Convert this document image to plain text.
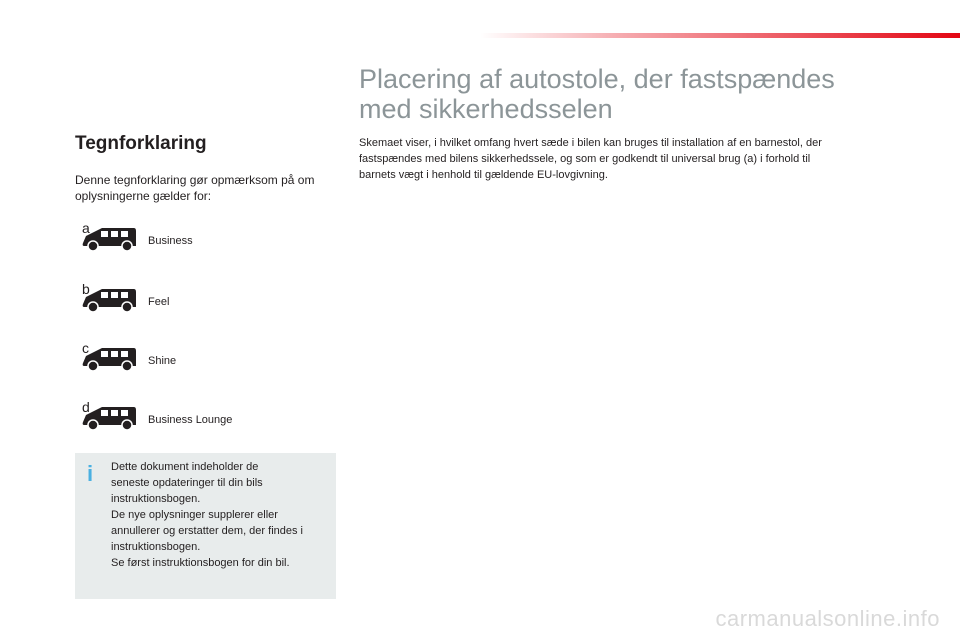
Tegnforklaring
Denne tegnforklaring gør opmærksom på om oplysningerne gælder for:
a
Business
b
Feel
c
Shine
d
Business Lounge
i Dette dokument indeholder de
seneste opdateringer til din bils
instruktionsbogen.
De nye oplysninger supplerer eller
annullerer og erstatter dem, der findes i
instruktionsbogen.
Se først instruktionsbogen for din bil.
Placering af autostole, der fastspændes
med sikkerhedsselen
Skemaet viser, i hvilket omfang hvert sæde i bilen kan bruges til installation af en barnestol, der
fastspændes med bilens sikkerhedssele, og som er godkendt til universal brug (a) i forhold til
barnets vægt i henhold til gældende EU-lovgivning.
carmanualsonline.info
